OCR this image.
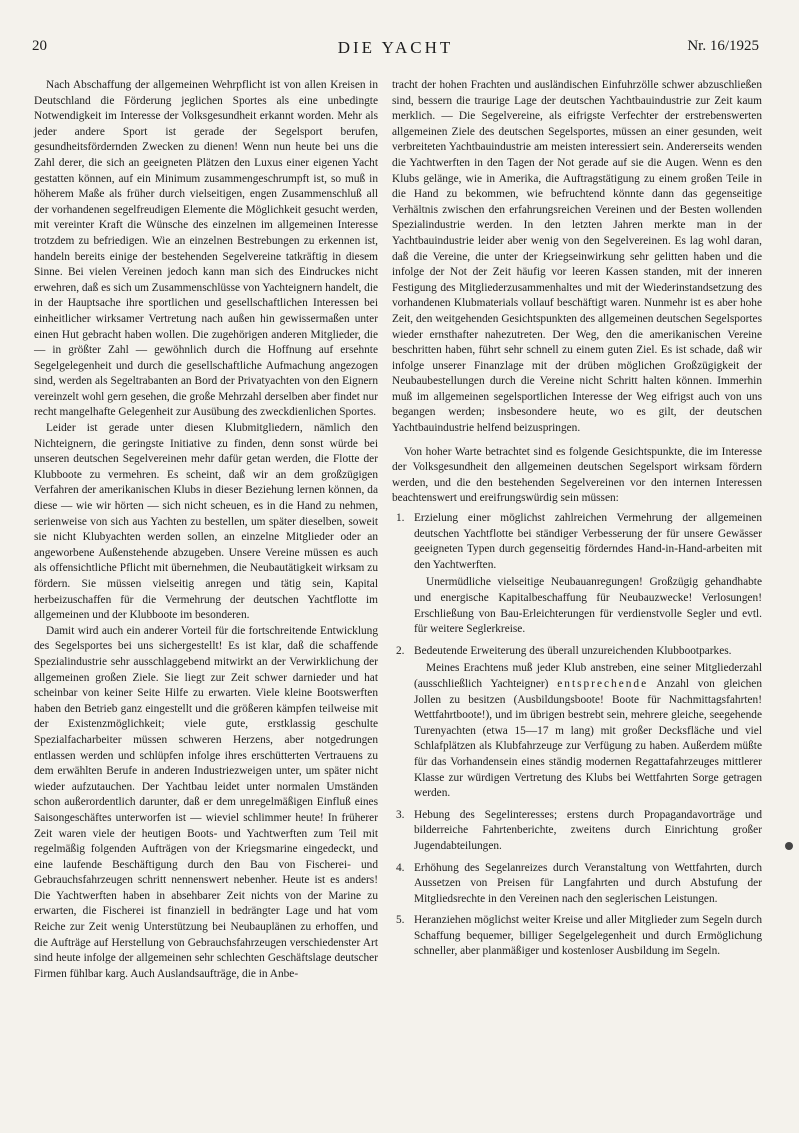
20	DIE YACHT	Nr. 16/1925

Nach Abschaffung der allgemeinen Wehrpflicht ist von allen Kreisen in Deutschland die Förderung jeglichen Sportes als eine unbedingte Notwendigkeit im Interesse der Volksgesundheit erkannt worden. Mehr als jeder andere Sport ist gerade der Segelsport berufen, gesundheitsfördernden Zwecken zu dienen! Wenn nun heute bei uns die Zahl derer, die sich an geeigneten Plätzen den Luxus einer eigenen Yacht gestatten können, auf ein Minimum zusammengeschrumpft ist, so muß in höherem Maße als früher durch vielseitigen, engen Zusammenschluß all der vorhandenen segelfreudigen Elemente die Möglichkeit gesucht werden, mit vereinter Kraft die Wünsche des einzelnen im allgemeinen Interesse trotzdem zu befriedigen. Wie an einzelnen Bestrebungen zu erkennen ist, handeln bereits einige der bestehenden Segelvereine tatkräftig in diesem Sinne. Bei vielen Vereinen jedoch kann man sich des Eindruckes nicht erwehren, daß es sich um Zusammenschlüsse von Yachteignern handelt, die in der Hauptsache ihre sportlichen und gesellschaftlichen Interessen bei einheitlicher wirksamer Vertretung nach außen hin gewissermaßen unter einen Hut gebracht haben wollen. Die zugehörigen anderen Mitglieder, die — in größter Zahl — gewöhnlich durch die Hoffnung auf ersehnte Segelgelegenheit und durch die gesellschaftliche Aufmachung angezogen sind, werden als Segeltrabanten an Bord der Privatyachten von den Eignern vereinzelt wohl gern gesehen, die große Mehrzahl derselben aber findet nur recht mangelhafte Gelegenheit zur Ausübung des zweckdienlichen Sportes.

Leider ist gerade unter diesen Klubmitgliedern, nämlich den Nichteignern, die geringste Initiative zu finden, denn sonst würde bei unseren deutschen Segelvereinen mehr dafür getan werden, die Flotte der Klubboote zu vermehren. Es scheint, daß wir an dem großzügigen Verfahren der amerikanischen Klubs in dieser Beziehung lernen können, da diese — wie wir hörten — sich nicht scheuen, es in die Hand zu nehmen, serienweise von sich aus Yachten zu bestellen, um später dieselben, soweit sie nicht Klubyachten werden sollen, an einzelne Mitglieder oder an angeworbene Außenstehende abzugeben. Unsere Vereine müssen es auch als offensichtliche Pflicht mit übernehmen, die Neubautätigkeit wirksam zu fördern. Sie müssen vielseitig anregen und tätig sein, Kapital herbeizuschaffen für die Vermehrung der deutschen Yachtflotte im allgemeinen und der Klubboote im besonderen.

Damit wird auch ein anderer Vorteil für die fortschreitende Entwicklung des Segelsportes bei uns sichergestellt! Es ist klar, daß die schaffende Spezialindustrie sehr ausschlaggebend mitwirkt an der Verwirklichung der allgemeinen großen Ziele. Sie liegt zur Zeit schwer darnieder und hat scheinbar von keiner Seite Hilfe zu erwarten. Viele kleine Bootswerften haben den Betrieb ganz eingestellt und die größeren kämpfen teilweise mit der Existenzmöglichkeit; viele gute, erstklassig geschulte Spezialfacharbeiter müssen schweren Herzens, aber notgedrungen entlassen werden und schlüpfen infolge ihres erschütterten Vertrauens zu dem erwählten Berufe in anderen Industriezweigen unter, um später nicht wieder aufzutauchen. Der Yachtbau leidet unter normalen Umständen schon außerordentlich darunter, daß er dem unregelmäßigen Einfluß eines Saisongeschäftes unterworfen ist — wieviel schlimmer heute! In früherer Zeit waren viele der heutigen Boots- und Yachtwerften zum Teil mit regelmäßig folgenden Aufträgen von der Kriegsmarine eingedeckt, und eine laufende Beschäftigung durch den Bau von Fischerei- und Gebrauchsfahrzeugen schritt nennenswert nebenher. Heute ist es anders! Die Yachtwerften haben in absehbarer Zeit nichts von der Marine zu erwarten, die Fischerei ist finanziell in bedrängter Lage und hat vom Reiche zur Zeit wenig Unterstützung bei Neubauplänen zu erhoffen, und die Aufträge auf Herstellung von Gebrauchsfahrzeugen verschiedenster Art sind heute infolge der allgemeinen sehr schlechten Geschäftslage deutscher Firmen fühlbar karg. Auch Auslandsaufträge, die in Anbe-

tracht der hohen Frachten und ausländischen Einfuhrzölle schwer abzuschließen sind, bessern die traurige Lage der deutschen Yachtbauindustrie zur Zeit kaum merklich. — Die Segelvereine, als eifrigste Verfechter der erstrebenswerten allgemeinen Ziele des deutschen Segelsportes, müssen an einer gesunden, weit verbreiteten Yachtbauindustrie am meisten interessiert sein. Andererseits wenden die Yachtwerften in den Tagen der Not gerade auf sie die Augen. Wenn es den Klubs gelänge, wie in Amerika, die Auftragstätigung zu einem großen Teile in die Hand zu bekommen, wie befruchtend könnte dann das gegenseitige Verhältnis zwischen den erfahrungsreichen Vereinen und der Besten wollenden Spezialindustrie werden. In den letzten Jahren merkte man in der Yachtbauindustrie leider aber wenig von den Segelvereinen. Es lag wohl daran, daß die Vereine, die unter der Kriegseinwirkung sehr gelitten haben und die infolge der Not der Zeit häufig vor leeren Kassen standen, mit der inneren Festigung des Mitgliederzusammenhaltes und mit der Wiederinstandsetzung des vorhandenen Klubmaterials vollauf beschäftigt waren. Nunmehr ist es aber hohe Zeit, den weitgehenden Gesichtspunkten des allgemeinen deutschen Segelsportes wieder ernsthafter nahezutreten. Der Weg, den die amerikanischen Vereine beschritten haben, führt sehr schnell zu einem guten Ziel. Es ist schade, daß wir infolge unserer Finanzlage mit der drüben möglichen Großzügigkeit der Neubaubestellungen durch die Vereine nicht Schritt halten können. Immerhin muß im allgemeinen segelsportlichen Interesse der Weg eifrigst auch von uns begangen werden; insbesondere heute, wo es gilt, der deutschen Yachtbauindustrie helfend beizuspringen.

Von hoher Warte betrachtet sind es folgende Gesichtspunkte, die im Interesse der Volksgesundheit den allgemeinen deutschen Segelsport wirksam fördern werden, und die den bestehenden Segelvereinen vor den internen Interessen beachtenswert und ereifrungswürdig sein müssen:

1. Erzielung einer möglichst zahlreichen Vermehrung der allgemeinen deutschen Yachtflotte bei ständiger Verbesserung der für unsere Gewässer geeigneten Typen durch gegenseitig förderndes Hand-in-Hand-arbeiten mit den Yachtwerften.

Unermüdliche vielseitige Neubauanregungen! Großzügig gehandhabte und energische Kapitalbeschaffung für Neubauzwecke! Verlosungen! Erschließung von Bau-Erleichterungen für verdienstvolle Segler und evtl. für weitere Seglerkreise.

2. Bedeutende Erweiterung des überall unzureichenden Klubbootparkes.

Meines Erachtens muß jeder Klub anstreben, eine seiner Mitgliederzahl (ausschließlich Yachteigner) entsprechende Anzahl von gleichen Jollen zu besitzen (Ausbildungsboote! Boote für Nachmittagsfahrten! Wettfahrtboote!), und im übrigen bestrebt sein, mehrere gleiche, seegehende Turenyachten (etwa 15—17 m lang) mit großer Decksfläche und viel Schlafplätzen als Klubfahrzeuge zur Verfügung zu haben. Außerdem müßte für das Vorhandensein eines ständig modernen Regattafahrzeuges mittlerer Klasse zur würdigen Vertretung des Klubs bei Wettfahrten Sorge getragen werden.

3. Hebung des Segelinteresses; erstens durch Propagandavorträge und bilderreiche Fahrtenberichte, zweitens durch Einrichtung großer Jugendabteilungen.

4. Erhöhung des Segelanreizes durch Veranstaltung von Wettfahrten, durch Aussetzen von Preisen für Langfahrten und durch Abstufung der Mitgliedsrechte in den Vereinen nach den seglerischen Leistungen.

5. Heranziehen möglichst weiter Kreise und aller Mitglieder zum Segeln durch Schaffung bequemer, billiger Segelgelegenheit und durch Ermöglichung schneller, aber planmäßiger und kostenloser Ausbildung im Segeln.
